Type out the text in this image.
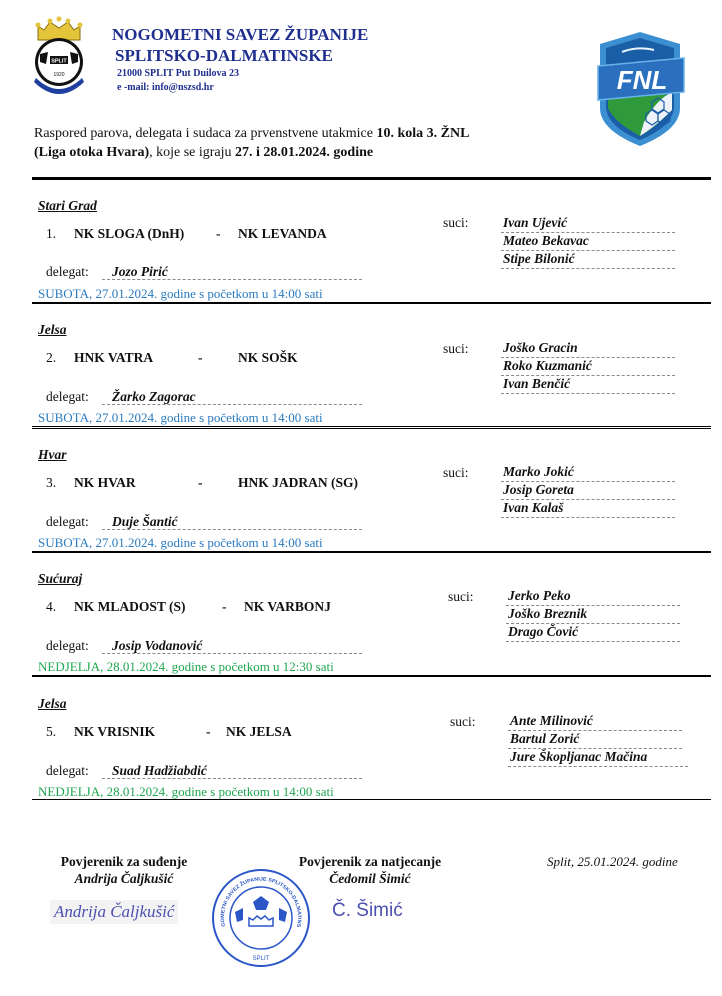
SPLIT
1920
NOGOMETNI SAVEZ ŽUPANIJE
SPLITSKO-DALMATINSKE
21000 SPLIT Put Duilova 23
e -mail: info@nszsd.hr	FNL
Raspored parova, delegata i sudaca za prvenstvene utakmice 10. kola 3. ŽNL
(Liga otoka Hvara), koje se igraju 27. i 28.01.2024. godine
Stari Grad
1. NK SLOGA (DnH) - NK LEVANDA
delegat:	Jozo Pirić
SUBOTA, 27.01.2024. godine s početkom u 14:00 sati
suci:	Ivan Ujević
Mateo Bekavac
Stipe Bilonić
Jelsa
2. HNK VATRA	-	NK SOŠK
delegat:	Žarko Zagorac
SUBOTA, 27.01.2024. godine s početkom u 14:00 sati
suci:	Joško Gracin
Roko Kuzmanić
Ivan Benčić
Hvar
3. NK HVAR	-	HNK JADRAN (SG)
delegat:	Duje Šantić
SUBOTA, 27.01.2024. godine s početkom u 14:00 sati
suci:	Marko Jokić
Josip Goreta
Ivan Kalaš
Sućuraj
4. NK MLADOST (S)	- NK VARBONJ
delegat:	Josip Vodanović
NEDJELJA, 28.01.2024. godine s početkom u 12:30 sati
suci:	Jerko Peko
Joško Breznik
Drago Čović
Jelsa
5. NK VRISNIK	- NK JELSA
delegat:	Suad Hadžiabdić
NEDJELJA, 28.01.2024. godine s početkom u 14:00 sati
suci:	Ante Milinović
Bartul Zorić
Jure Škopljanac Mačina
Povjerenik za suđenje
Andrija Čaljkušić
Andrija Čaljkušić
GOMETNI SAVEZ ŽUPANIJE SPLITSKO-DALMATINS
SPLIT
Povjerenik za natjecanje
Čedomil Šimić
Č. Šimić
Split, 25.01.2024. godine
